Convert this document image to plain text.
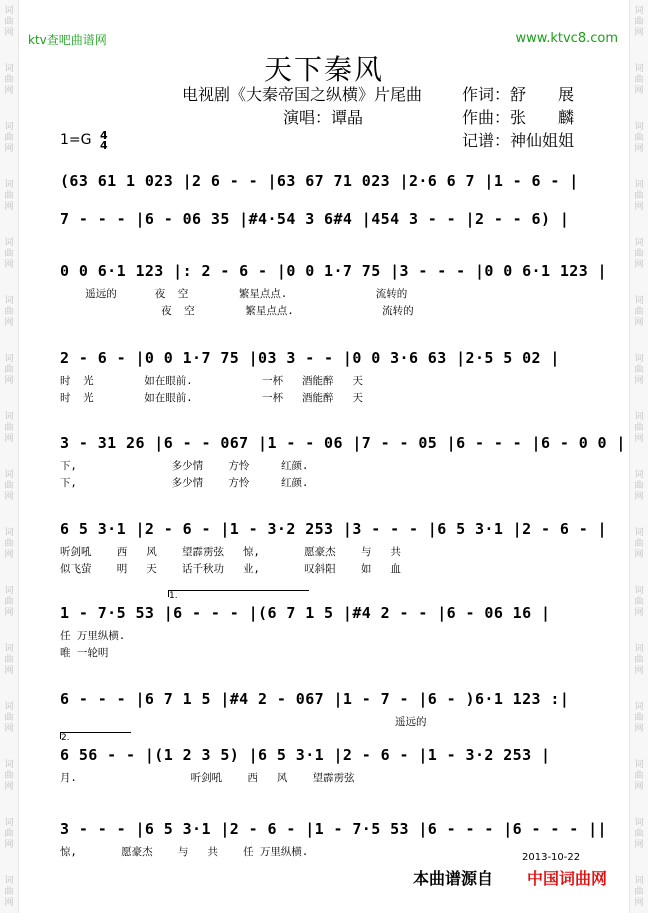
词
曲
网
词
曲
网
词
曲
网
词
曲
网
词
曲
网
词
曲
网
词
曲
网
词
曲
网
词
曲
网
词
曲
网
词
曲
网
词
曲
网
词
曲
网
词
曲
网
词
曲
网
词
曲
网
词
曲
网
词
曲
网
词
曲
网
词
曲
网
词
曲
网
词
曲
网
词
曲
网
词
曲
网
词
曲
网
词
曲
网
词
曲
网
词
曲
网
词
曲
网
词
曲
网
词
曲
网
词
曲
网
ktv查吧曲谱网	www.ktvc8.com
天下秦风
电视剧《大秦帝国之纵横》片尾曲 作词：舒　　展
演唱：谭晶	作曲：张　　麟
记谱：神仙姐姐
1=G 4
4
(63 61 1 023 |2 6 - - |63 67 71 023 |2·6 6 7 |1 - 6 - |
7 - - - |6 - 06 35 |#4·54 3 6#4 |454 3 - - |2 - - 6) |
0 0 6·1 123 |: 2 - 6 - |0 0 1·7 75 |3 - - - |0 0 6·1 123 |
遥远的      夜  空        繁星点点.              流转的
夜  空        繁星点点.              流转的
2 - 6 - |0 0 1·7 75 |03 3 - - |0 0 3·6 63 |2·5 5 02 |
时  光        如在眼前.           一杯   酒能醉   天
时  光        如在眼前.           一杯   酒能醉   天
3 - 31 26 |6 - - 067 |1 - - 06 |7 - - 05 |6 - - - |6 - 0 0 |
下,               多少情    方怜     红颜.
下,               多少情    方怜     红颜.
6 5 3·1 |2 - 6 - |1 - 3·2 253 |3 - - - |6 5 3·1 |2 - 6 - |
听剑吼    西   风    望霹雳弦   惊,       愿豪杰    与   共
似飞萤    明   天    话千秋功   业,       叹斜阳    如   血
1 - 7·5 53 |6 - - - |(6 7 1 5 |#4 2 - - |6 - 06 16 |
1.
任 万里纵横.
唯 一轮明
6 - - - |6 7 1 5 |#4 2 - 067 |1 - 7 - |6 - )6·1 123 :|
遥远的
6 56 - - |(1 2 3 5) |6 5 3·1 |2 - 6 - |1 - 3·2 253 |
2.
月.                  听剑吼    西   风    望霹雳弦
3 - - - |6 5 3·1 |2 - 6 - |1 - 7·5 53 |6 - - - |6 - - - ||
惊,       愿豪杰    与   共    任 万里纵横.	2013-10-22
本曲谱源自 中国词曲网
